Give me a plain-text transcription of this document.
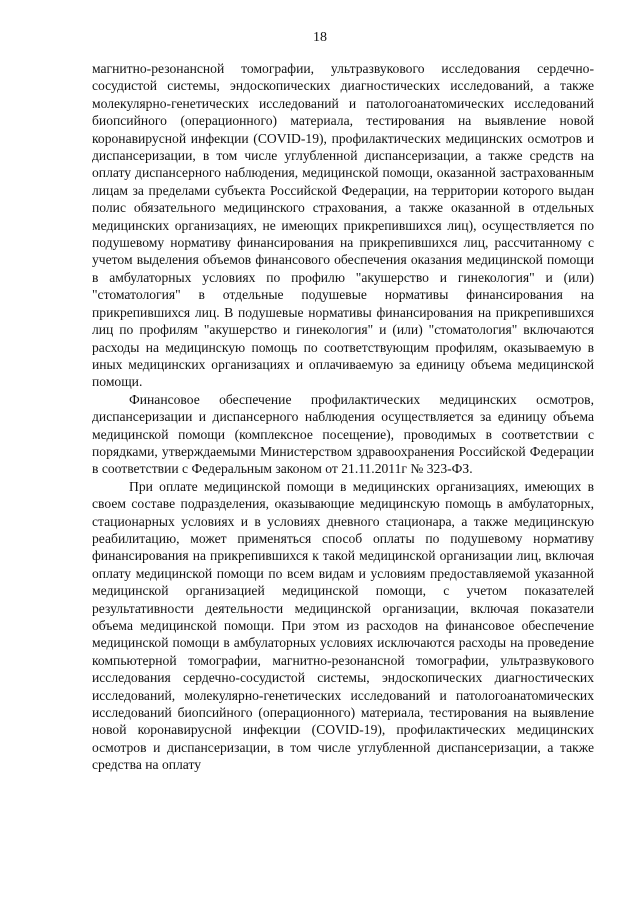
18

магнитно-резонансной томографии, ультразвукового исследования сердечно-сосудистой системы, эндоскопических диагностических исследований, а также молекулярно-генетических исследований и патологоанатомических исследований биопсийного (операционного) материала, тестирования на выявление новой коронавирусной инфекции (COVID-19), профилактических медицинских осмотров и диспансеризации, в том числе углубленной диспансеризации, а также средств на оплату диспансерного наблюдения, медицинской помощи, оказанной застрахованным лицам за пределами субъекта Российской Федерации, на территории которого выдан полис обязательного медицинского страхования, а также оказанной в отдельных медицинских организациях, не имеющих прикрепившихся лиц), осуществляется по подушевому нормативу финансирования на прикрепившихся лиц, рассчитанному с учетом выделения объемов финансового обеспечения оказания медицинской помощи в амбулаторных условиях по профилю "акушерство и гинекология" и (или) "стоматология" в отдельные подушевые нормативы финансирования на прикрепившихся лиц. В подушевые нормативы финансирования на прикрепившихся лиц по профилям "акушерство и гинекология" и (или) "стоматология" включаются расходы на медицинскую помощь по соответствующим профилям, оказываемую в иных медицинских организациях и оплачиваемую за единицу объема медицинской помощи.

Финансовое обеспечение профилактических медицинских осмотров, диспансеризации и диспансерного наблюдения осуществляется за единицу объема медицинской помощи (комплексное посещение), проводимых в соответствии с порядками, утверждаемыми Министерством здравоохранения Российской Федерации в соответствии с Федеральным законом от 21.11.2011г № 323-ФЗ.

При оплате медицинской помощи в медицинских организациях, имеющих в своем составе подразделения, оказывающие медицинскую помощь в амбулаторных, стационарных условиях и в условиях дневного стационара, а также медицинскую реабилитацию, может применяться способ оплаты по подушевому нормативу финансирования на прикрепившихся к такой медицинской организации лиц, включая оплату медицинской помощи по всем видам и условиям предоставляемой указанной медицинской организацией медицинской помощи, с учетом показателей результативности деятельности медицинской организации, включая показатели объема медицинской помощи. При этом из расходов на финансовое обеспечение медицинской помощи в амбулаторных условиях исключаются расходы на проведение компьютерной томографии, магнитно-резонансной томографии, ультразвукового исследования сердечно-сосудистой системы, эндоскопических диагностических исследований, молекулярно-генетических исследований и патологоанатомических исследований биопсийного (операционного) материала, тестирования на выявление новой коронавирусной инфекции (COVID-19), профилактических медицинских осмотров и диспансеризации, в том числе углубленной диспансеризации, а также средства на оплату
